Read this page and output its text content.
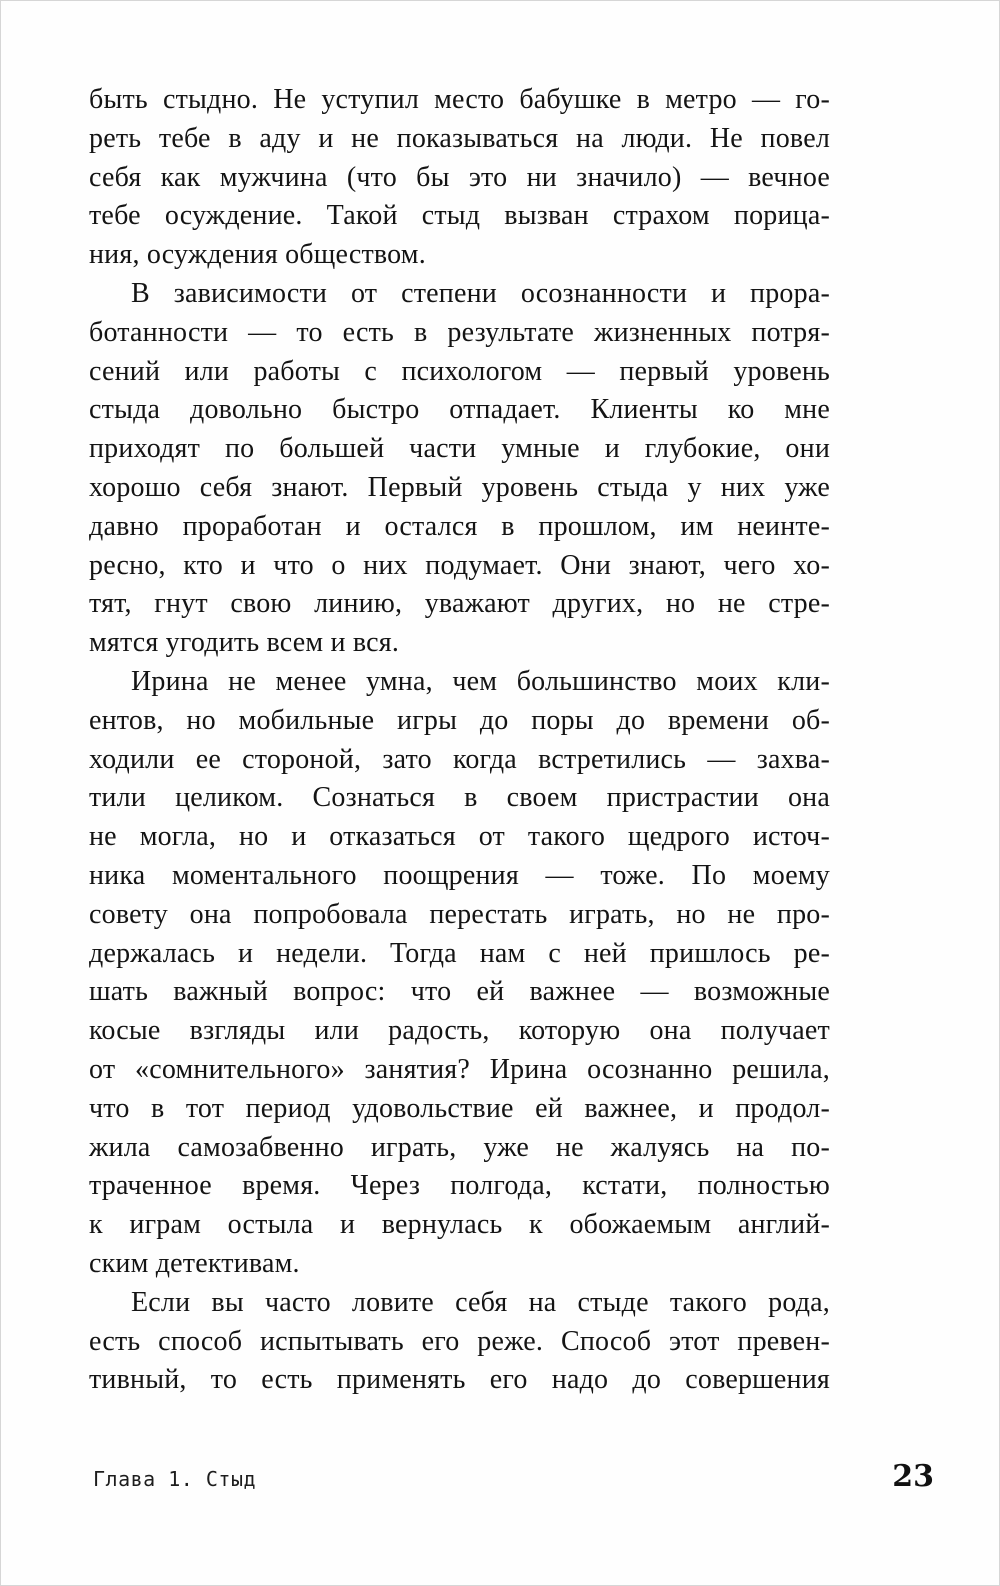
быть стыдно. Не уступил место бабушке в метро — го-
реть тебе в аду и не показываться на люди. Не повел
себя как мужчина (что бы это ни значило) — вечное
тебе осуждение. Такой стыд вызван страхом порица-
ния, осуждения обществом.
В зависимости от степени осознанности и прора-
ботанности — то есть в результате жизненных потря-
сений или работы с психологом — первый уровень
стыда довольно быстро отпадает. Клиенты ко мне
приходят по большей части умные и глубокие, они
хорошо себя знают. Первый уровень стыда у них уже
давно проработан и остался в прошлом, им неинте-
ресно, кто и что о них подумает. Они знают, чего хо-
тят, гнут свою линию, уважают других, но не стре-
мятся угодить всем и вся.
Ирина не менее умна, чем большинство моих кли-
ентов, но мобильные игры до поры до времени об-
ходили ее стороной, зато когда встретились — захва-
тили целиком. Сознаться в своем пристрастии она
не могла, но и отказаться от такого щедрого источ-
ника моментального поощрения — тоже. По моему
совету она попробовала перестать играть, но не про-
держалась и недели. Тогда нам с ней пришлось ре-
шать важный вопрос: что ей важнее — возможные
косые взгляды или радость, которую она получает
от «сомнительного» занятия? Ирина осознанно решила,
что в тот период удовольствие ей важнее, и продол-
жила самозабвенно играть, уже не жалуясь на по-
траченное время. Через полгода, кстати, полностью
к играм остыла и вернулась к обожаемым англий-
ским детективам.
Если вы часто ловите себя на стыде такого рода,
есть способ испытывать его реже. Способ этот превен-
тивный, то есть применять его надо до совершения
Глава 1. Стыд	23
